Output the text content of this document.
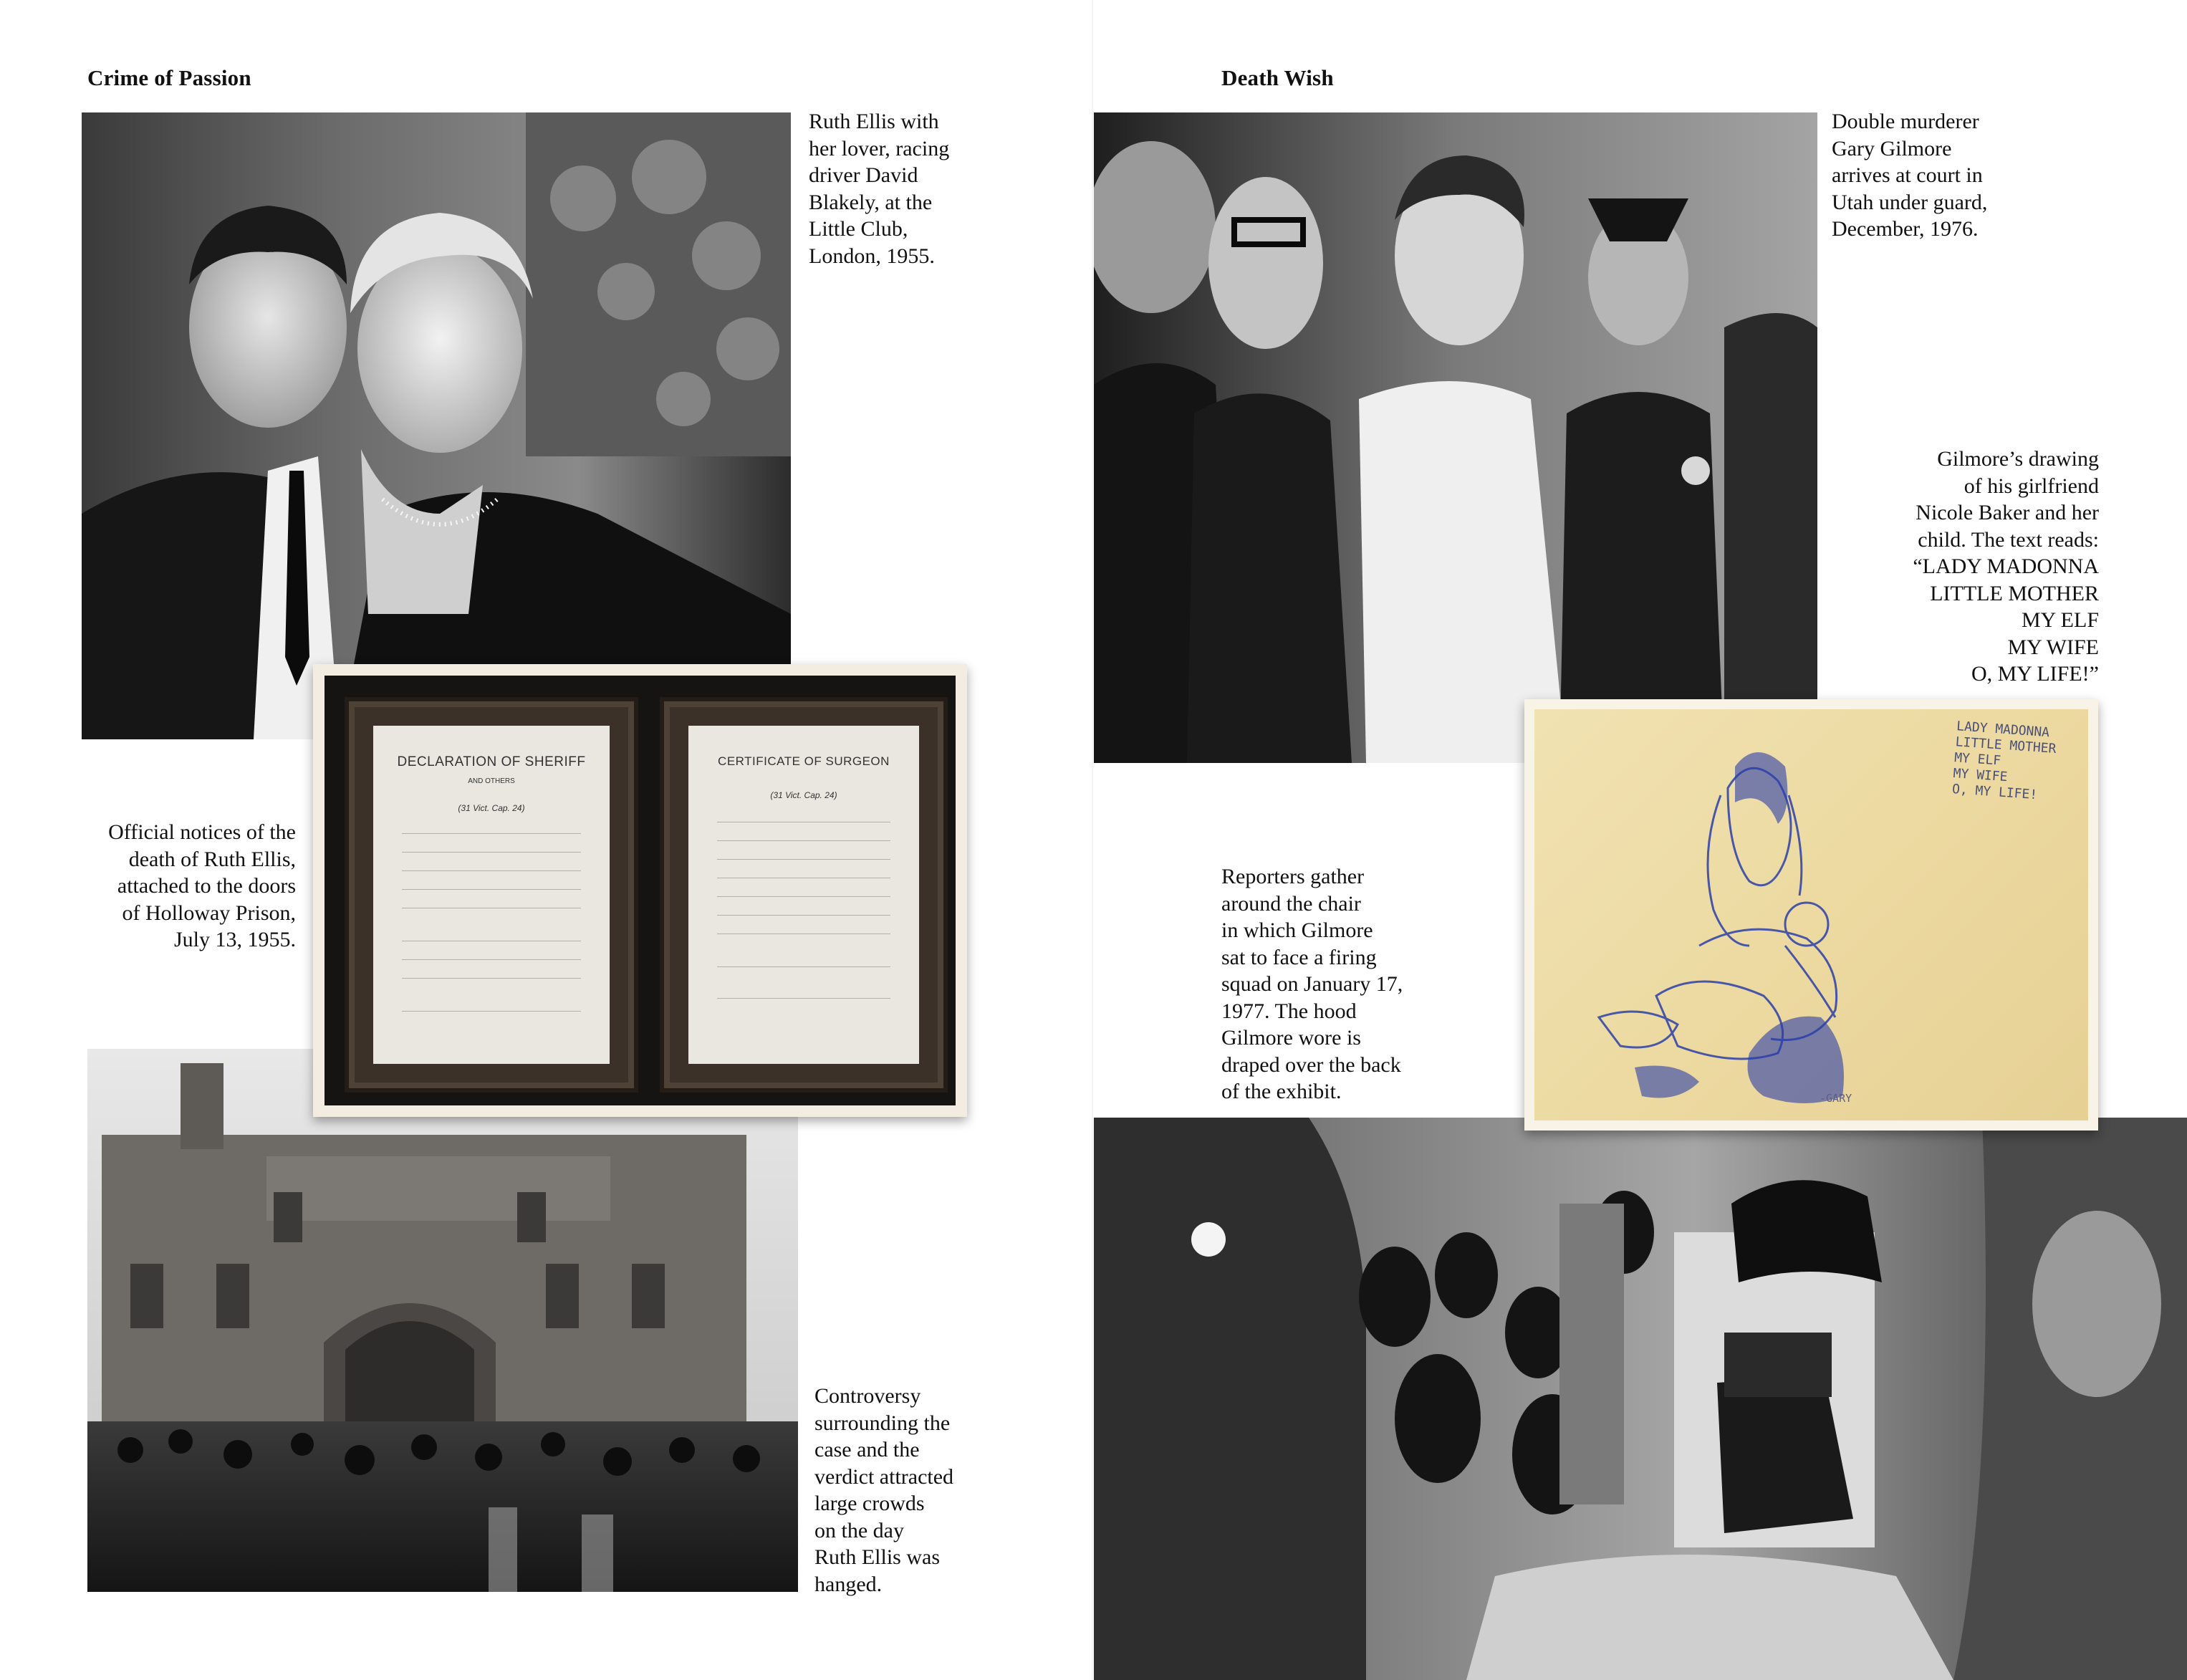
Crime of Passion
Ruth Ellis with
her lover, racing
driver David
Blakely, at the
Little Club,
London, 1955.
Official notices of the
death of Ruth Ellis,
attached to the doors
of Holloway Prison,
July 13, 1955.
Controversy
surrounding the
case and the
verdict attracted
large crowds
on the day
Ruth Ellis was
hanged.
DECLARATION OF SHERIFF
AND OTHERS
(31 Vict. Cap. 24)
CERTIFICATE OF SURGEON
(31 Vict. Cap. 24)
Death Wish
Double murderer
Gary Gilmore
arrives at court in
Utah under guard,
December, 1976.
Gilmore’s drawing
of his girlfriend
Nicole Baker and her
child. The text reads:
“LADY MADONNA
LITTLE MOTHER
MY ELF
MY WIFE
O, MY LIFE!”
Reporters gather
around the chair
in which Gilmore
sat to face a firing
squad on January 17,
1977. The hood
Gilmore wore is
draped over the back
of the exhibit.
LADY MADONNA
LITTLE MOTHER
MY ELF
MY WIFE
O, MY LIFE!
-GARY
